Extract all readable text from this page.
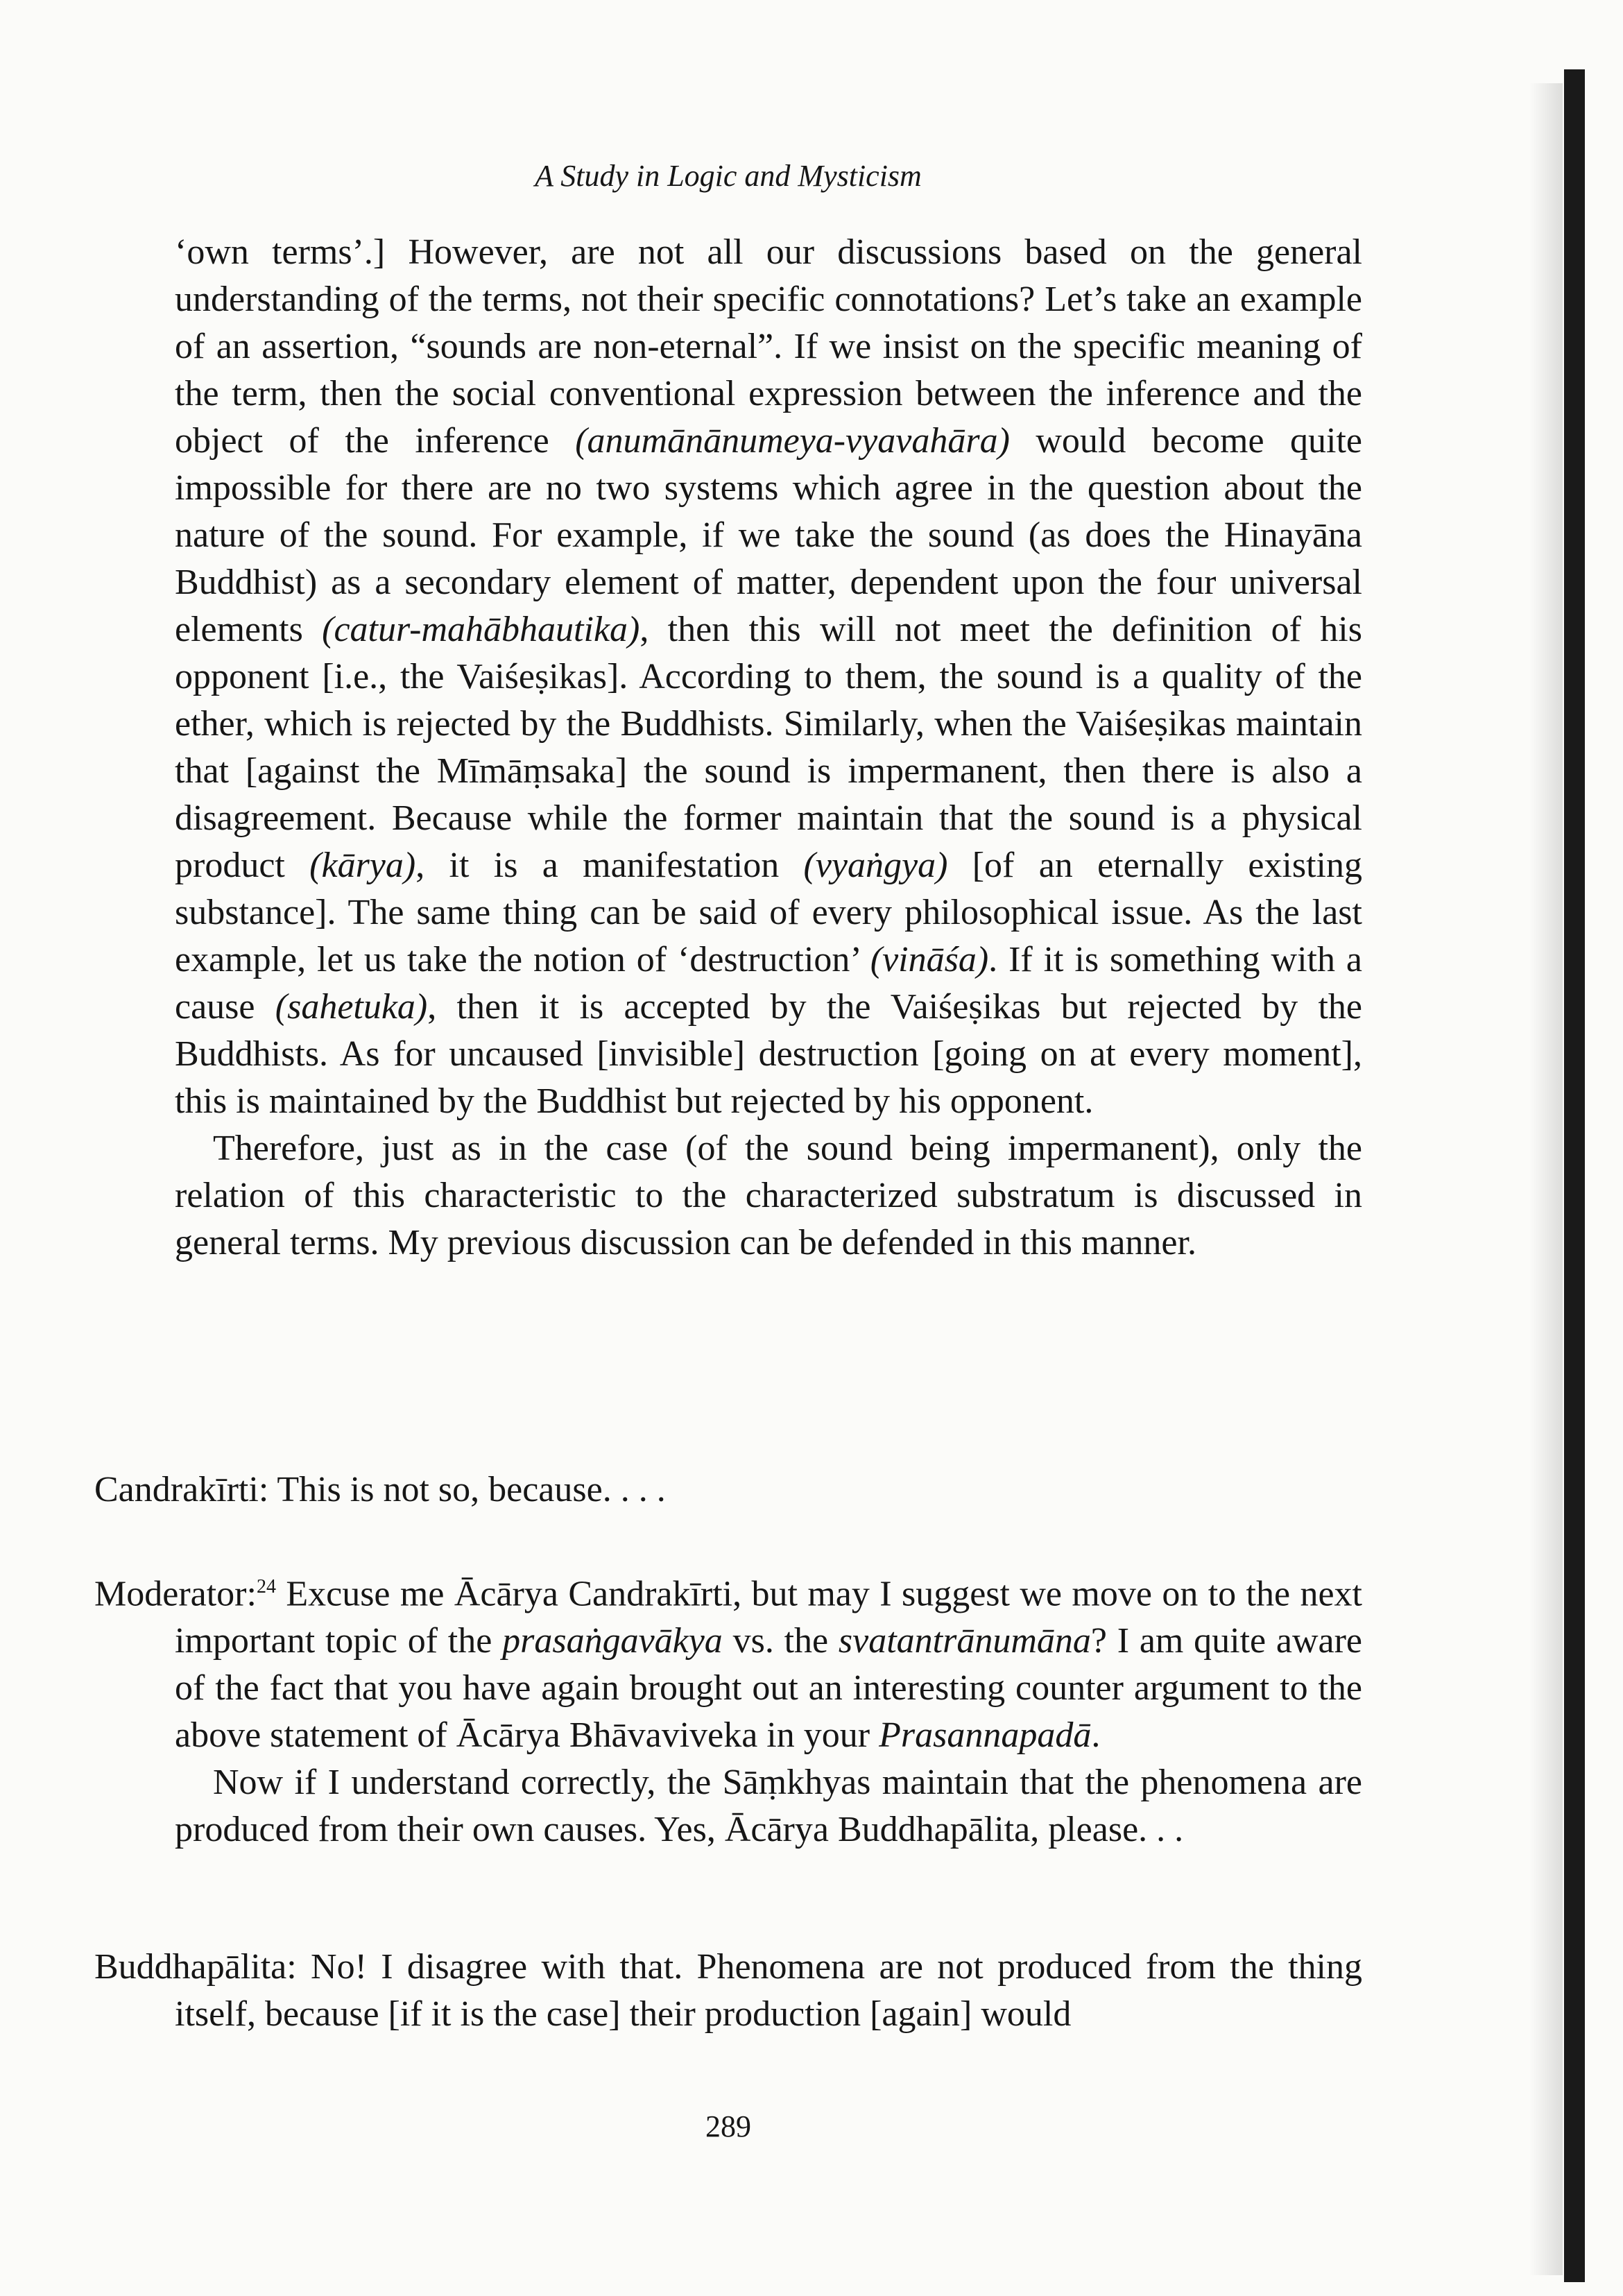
A Study in Logic and Mysticism

‘own terms’.] However, are not all our discussions based on the general understanding of the terms, not their specific connotations? Let’s take an example of an assertion, “sounds are non-eternal”. If we insist on the specific meaning of the term, then the social conventional expression between the inference and the object of the inference (anumānānumeya-vyavahāra) would become quite impossible for there are no two systems which agree in the question about the nature of the sound. For example, if we take the sound (as does the Hinayāna Buddhist) as a secondary element of matter, dependent upon the four universal elements (catur-mahābhautika), then this will not meet the definition of his opponent [i.e., the Vaiśeṣikas]. According to them, the sound is a quality of the ether, which is rejected by the Buddhists. Similarly, when the Vaiśeṣikas maintain that [against the Mīmāṃsaka] the sound is impermanent, then there is also a disagreement. Because while the former maintain that the sound is a physical product (kārya), it is a manifestation (vyaṅgya) [of an eternally existing substance]. The same thing can be said of every philosophical issue. As the last example, let us take the notion of ‘destruction’ (vināśa). If it is something with a cause (sahetuka), then it is accepted by the Vaiśeṣikas but rejected by the Buddhists. As for uncaused [invisible] destruction [going on at every moment], this is maintained by the Buddhist but rejected by his opponent.

Therefore, just as in the case (of the sound being impermanent), only the relation of this characteristic to the characterized substratum is discussed in general terms. My previous discussion can be defended in this manner.

Candrakīrti: This is not so, because. . . .

Moderator:$^{24}$ Excuse me Ācārya Candrakīrti, but may I suggest we move on to the next important topic of the prasaṅgavākya vs. the svatantrānumāna? I am quite aware of the fact that you have again brought out an interesting counter argument to the above statement of Ācārya Bhāvaviveka in your Prasannapadā.

Now if I understand correctly, the Sāṃkhyas maintain that the phenomena are produced from their own causes. Yes, Ācārya Buddhapālita, please. . .

Buddhapālita: No! I disagree with that. Phenomena are not produced from the thing itself, because [if it is the case] their production [again] would

289
